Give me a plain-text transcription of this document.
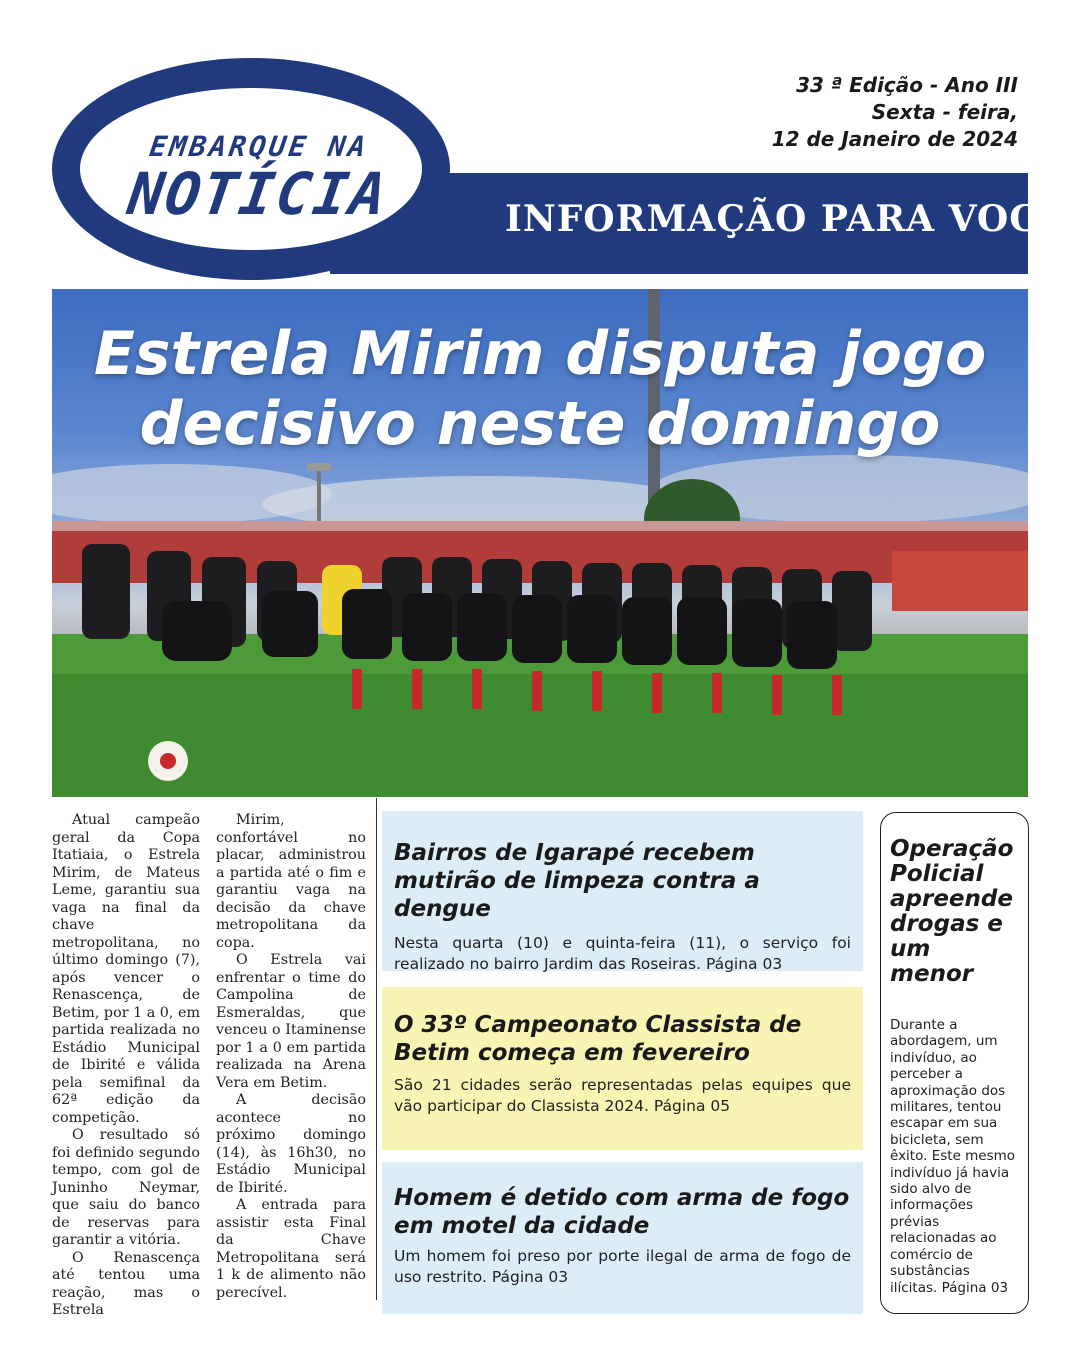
INFORMAÇÃO PARA VOCÊ
EMBARQUE NA
NOTÍCIA
33 ª Edição - Ano III
Sexta - feira,
12 de Janeiro de 2024
Estrela Mirim disputa jogo
decisivo neste domingo

Atual campeão geral da Copa Itatiaia, o Estrela Mirim, de Mateus Leme, garantiu sua vaga na final da chave metropolitana, no último domingo (7), após vencer o Renascença, de Betim, por 1 a 0, em partida realizada no Estádio Municipal de Ibirité e válida pela semifinal da 62ª edição da competição.

O resultado só foi definido segundo tempo, com gol de Juninho Neymar, que saiu do banco de reservas para garantir a vitória.

O Renascença até tentou uma reação, mas o Estrela

Mirim, confortável no placar, administrou a partida até o fim e garantiu vaga na decisão da chave metropolitana da copa.

O Estrela vai enfrentar o time do Campolina de Esmeraldas, que venceu o Itaminense por 1 a 0 em partida realizada na Arena Vera em Betim.

A decisão acontece no próximo domingo (14), às 16h30, no Estádio Municipal de Ibirité.

A entrada para assistir esta Final da Chave Metropolitana será 1 k de alimento não perecível.

Bairros de Igarapé recebem mutirão de limpeza contra a dengue

Nesta quarta (10) e quinta-feira (11), o serviço foi realizado no bairro Jardim das Roseiras. Página 03

O 33º Campeonato Classista de Betim começa em fevereiro

São 21 cidades serão representadas pelas equipes que vão participar do Classista 2024. Página 05

Homem é detido com arma de fogo em motel da cidade

Um homem foi preso por porte ilegal de arma de fogo de uso restrito. Página 03

Operação Policial apreende drogas e um menor

Durante a abordagem, um indivíduo, ao perceber a aproximação dos militares, tentou escapar em sua bicicleta, sem êxito. Este mesmo indivíduo já havia sido alvo de informações prévias relacionadas ao comércio de substâncias ilícitas. Página 03
